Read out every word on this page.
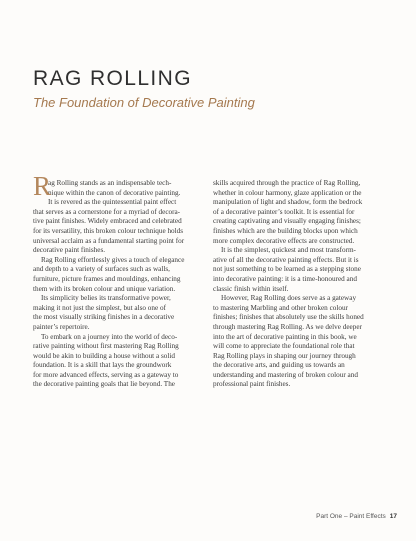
RAG ROLLING
The Foundation of Decorative Painting
R
ag Rolling stands as an indispensable tech-
nique within the canon of decorative painting.
It is revered as the quintessential paint effect
that serves as a cornerstone for a myriad of decora-
tive paint finishes. Widely embraced and celebrated
for its versatility, this broken colour technique holds
universal acclaim as a fundamental starting point for
decorative paint finishes.
Rag Rolling effortlessly gives a touch of elegance
and depth to a variety of surfaces such as walls,
furniture, picture frames and mouldings, enhancing
them with its broken colour and unique variation.
Its simplicity belies its transformative power,
making it not just the simplest, but also one of
the most visually striking finishes in a decorative
painter’s repertoire.
To embark on a journey into the world of deco-
rative painting without first mastering Rag Rolling
would be akin to building a house without a solid
foundation. It is a skill that lays the groundwork
for more advanced effects, serving as a gateway to
the decorative painting goals that lie beyond. The
skills acquired through the practice of Rag Rolling,
whether in colour harmony, glaze application or the
manipulation of light and shadow, form the bedrock
of a decorative painter’s toolkit. It is essential for
creating captivating and visually engaging finishes;
finishes which are the building blocks upon which
more complex decorative effects are constructed.
It is the simplest, quickest and most transform-
ative of all the decorative painting effects. But it is
not just something to be learned as a stepping stone
into decorative painting: it is a time-honoured and
classic finish within itself.
However, Rag Rolling does serve as a gateway
to mastering Marbling and other broken colour
finishes; finishes that absolutely use the skills honed
through mastering Rag Rolling. As we delve deeper
into the art of decorative painting in this book, we
will come to appreciate the foundational role that
Rag Rolling plays in shaping our journey through
the decorative arts, and guiding us towards an
understanding and mastering of broken colour and
professional paint finishes.
Part One – Paint Effects 17
